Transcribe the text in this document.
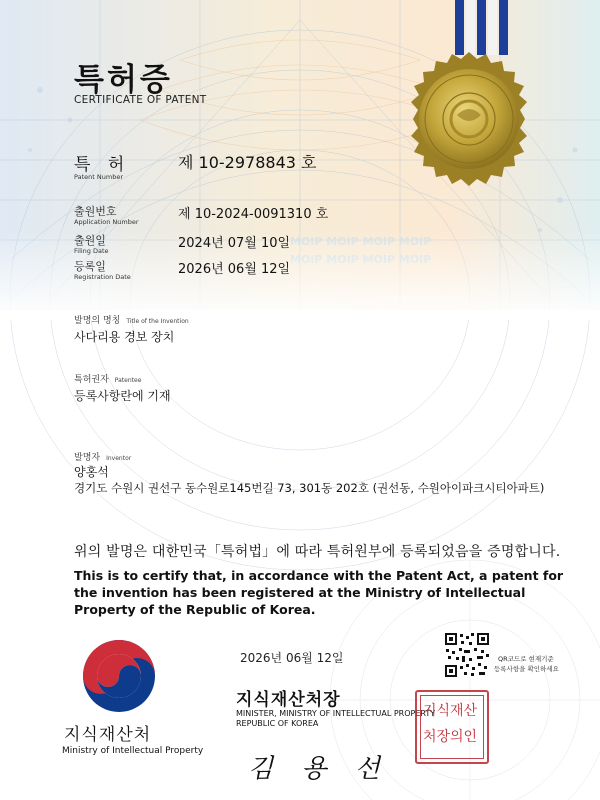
특허증

CERTIFICATE OF PATENT

특 허

Patent Number

제 10-2978843 호

출원번호

Application Number	제 10-2024-0091310 호

출원일

Filing Date	2024년 07월 10일

등록일

Registration Date	2026년 06월 12일

발명의 명칭 Title of the Invention

사다리용 경보 장치

특허권자 Patentee

등록사항란에 기재

발명자 Inventor

양홍석

경기도 수원시 권선구 동수원로145번길 73, 301동 202호 (권선동, 수원아이파크시티아파트)

위의 발명은 대한민국「특허법」에 따라 특허원부에 등록되었음을 증명합니다.

This is to certify that, in accordance with the Patent Act, a patent for the invention has been registered at the Ministry of Intellectual Property of the Republic of Korea.

지식재산처

Ministry of Intellectual Property

2026년 06월 12일	QR코드로 현재기준

등록사항을 확인하세요

지식재산처장

MINISTER, MINISTRY OF INTELLECTUAL PROPERTY REPUBLIC OF KOREA

김 용 선

지식재산처장의인
